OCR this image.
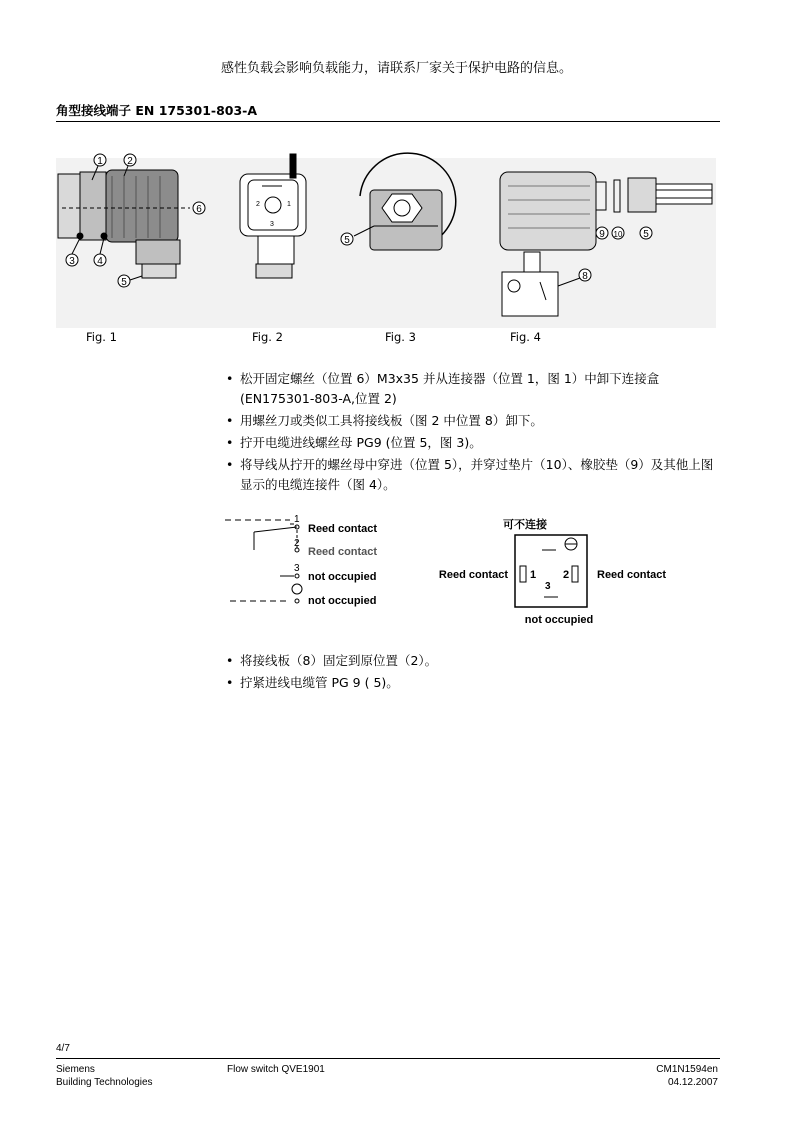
感性负载会影响负载能力，请联系厂家关于保护电路的信息。
角型接线端子 EN 175301-803-A
1 2
6
3 4
5
5
9 10 5
8
2	1
3
Fig. 1	Fig. 2	Fig. 3	Fig. 4
• 松开固定螺丝（位置 6）M3x35 并从连接器（位置 1，图 1）中卸下连接盒 (EN175301-803-A,位置 2)
• 用螺丝刀或类似工具将接线板（图 2 中位置 8）卸下。
• 拧开电缆进线螺丝母 PG9 (位置 5，图 3)。
• 将导线从拧开的螺丝母中穿进（位置 5），并穿过垫片（10）、橡胶垫（9）及其他上图显示的电缆连接件（图 4）。
1
2
3
Reed contact
Reed contact
not occupied
not occupied
可不连接
1 2
3
Reed contact	Reed contact
not occupied
• 将接线板（8）固定到原位置（2）。
• 拧紧进线电缆管 PG 9 ( 5)。
4/7
Siemens
Building Technologies
Flow switch QVE1901	CM1N1594en
04.12.2007
